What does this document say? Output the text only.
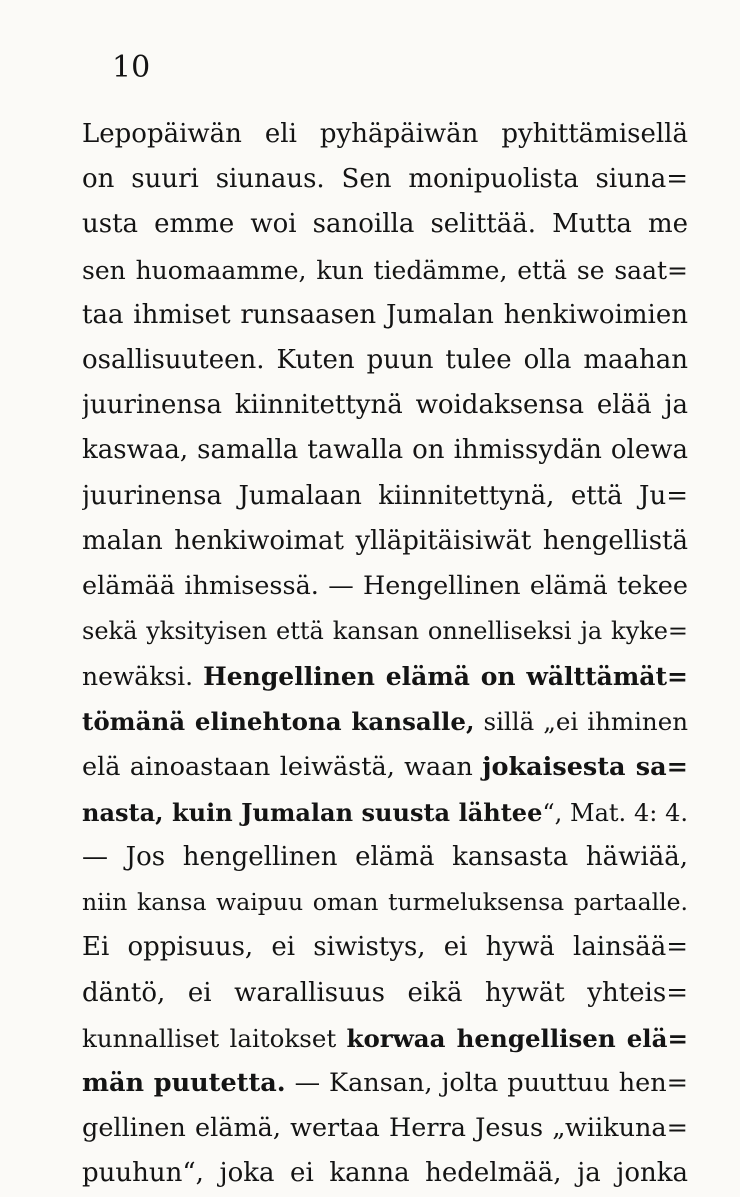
10
Lepopäiwän eli pyhäpäiwän pyhittämisellä
on suuri siunaus. Sen monipuolista siuna=
usta emme woi sanoilla selittää. Mutta me
sen huomaamme, kun tiedämme, että se saat=
taa ihmiset runsaasen Jumalan henkiwoimien
osallisuuteen. Kuten puun tulee olla maahan
juurinensa kiinnitettynä woidaksensa elää ja
kaswaa, samalla tawalla on ihmissydän olewa
juurinensa Jumalaan kiinnitettynä, että Ju=
malan henkiwoimat ylläpitäisiwät hengellistä
elämää ihmisessä. — Hengellinen elämä tekee
sekä yksityisen että kansan onnelliseksi ja kyke=
newäksi. Hengellinen elämä on wälttämät=
tömänä elinehtona kansalle, sillä „ei ihminen
elä ainoastaan leiwästä, waan jokaisesta sa=
nasta, kuin Jumalan suusta lähtee“, Mat. 4: 4.
— Jos hengellinen elämä kansasta häwiää,
niin kansa waipuu oman turmeluksensa partaalle.
Ei oppisuus, ei siwistys, ei hywä lainsää=
däntö, ei warallisuus eikä hywät yhteis=
kunnalliset laitokset korwaa hengellisen elä=
män puutetta. — Kansan, jolta puuttuu hen=
gellinen elämä, wertaa Herra Jesus „wiikuna=
puuhun“, joka ei kanna hedelmää, ja jonka
